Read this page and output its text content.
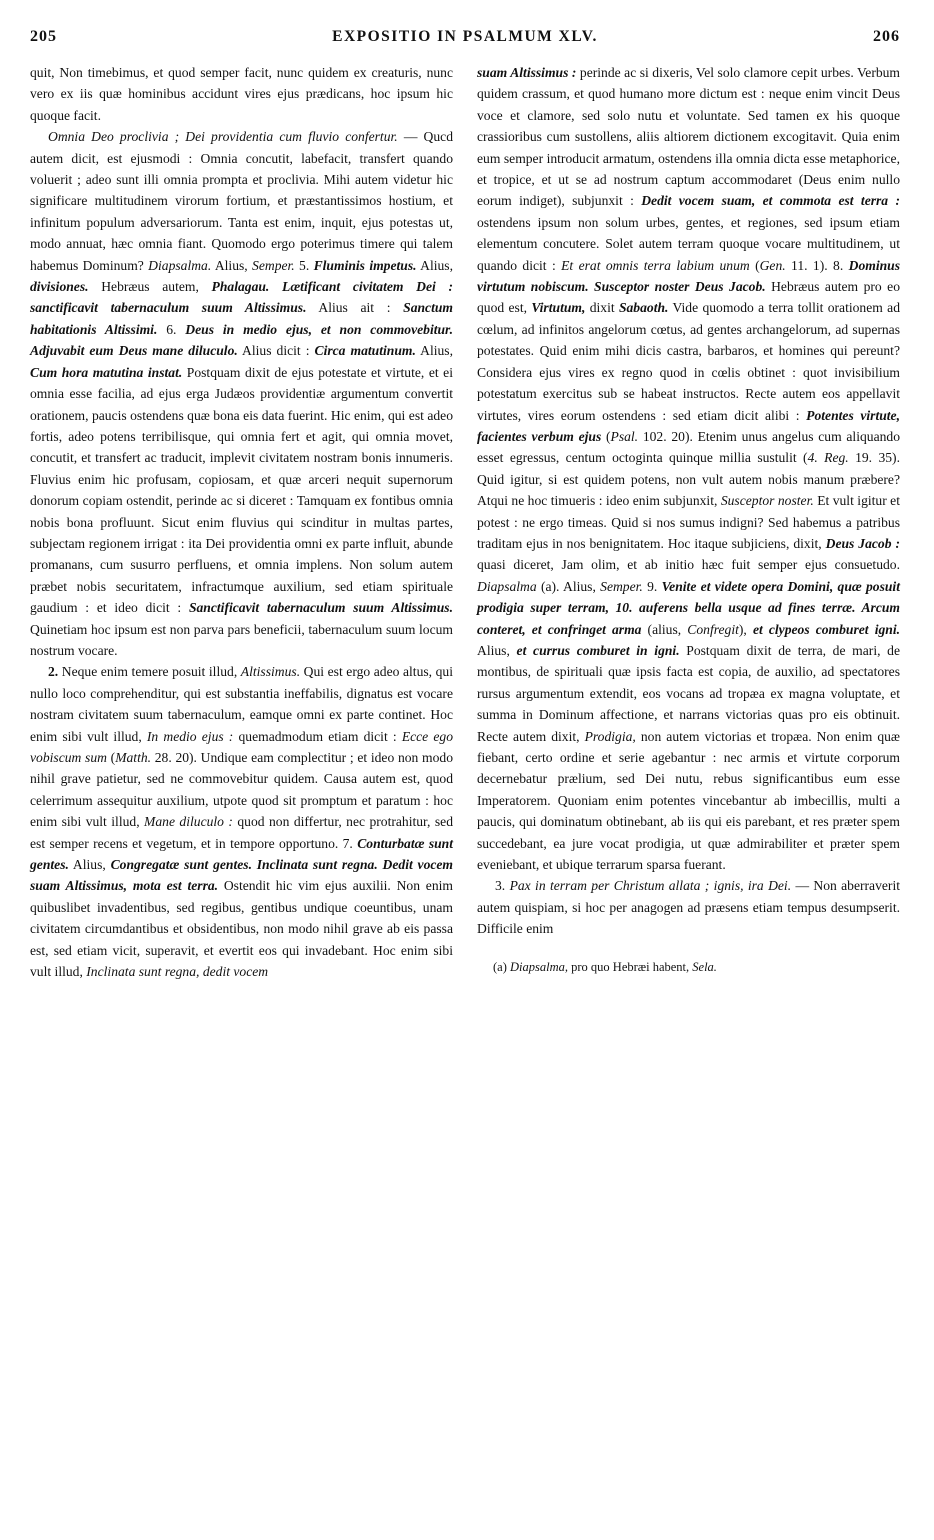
205	EXPOSITIO IN PSALMUM XLV.	206

quit, Non timebimus, et quod semper facit, nunc quidem ex creaturis, nunc vero ex iis quæ hominibus accidunt vires ejus prædicans, hoc ipsum hic quoque facit.

Omnia Deo proclivia ; Dei providentia cum fluvio confertur. — Qucd autem dicit, est ejusmodi : Omnia concutit, labefacit, transfert quando voluerit ; adeo sunt illi omnia prompta et proclivia. Mihi autem videtur hic significare multitudinem virorum fortium, et præstantissimos hostium, et infinitum populum adversariorum. Tanta est enim, inquit, ejus potestas ut, modo annuat, hæc omnia fiant. Quomodo ergo poterimus timere qui talem habemus Dominum? Diapsalma. Alius, Semper. 5. Fluminis impetus. Alius, divisiones. Hebræus autem, Phalagau. Lætificant civitatem Dei : sanctificavit tabernaculum suum Altissimus. Alius ait : Sanctum habitationis Altissimi. 6. Deus in medio ejus, et non commovebitur. Adjuvabit eum Deus mane diluculo. Alius dicit : Circa matutinum. Alius, Cum hora matutina instat. Postquam dixit de ejus potestate et virtute, et ei omnia esse facilia, ad ejus erga Judæos providentiæ argumentum convertit orationem, paucis ostendens quæ bona eis data fuerint. Hic enim, qui est adeo fortis, adeo potens terribilisque, qui omnia fert et agit, qui omnia movet, concutit, et transfert ac traducit, implevit civitatem nostram bonis innumeris. Fluvius enim hic profusam, copiosam, et quæ arceri nequit supernorum donorum copiam ostendit, perinde ac si diceret : Tamquam ex fontibus omnia nobis bona profluunt. Sicut enim fluvius qui scinditur in multas partes, subjectam regionem irrigat : ita Dei providentia omni ex parte influit, abunde promanans, cum susurro perfluens, et omnia implens. Non solum autem præbet nobis securitatem, infractumque auxilium, sed etiam spirituale gaudium : et ideo dicit : Sanctificavit tabernaculum suum Altissimus. Quinetiam hoc ipsum est non parva pars beneficii, tabernaculum suum locum nostrum vocare.

2. Neque enim temere posuit illud, Altissimus. Qui est ergo adeo altus, qui nullo loco comprehenditur, qui est substantia ineffabilis, dignatus est vocare nostram civitatem suum tabernaculum, eamque omni ex parte continet. Hoc enim sibi vult illud, In medio ejus : quemadmodum etiam dicit : Ecce ego vobiscum sum (Matth. 28. 20). Undique eam complectitur ; et ideo non modo nihil grave patietur, sed ne commovebitur quidem. Causa autem est, quod celerrimum assequitur auxilium, utpote quod sit promptum et paratum : hoc enim sibi vult illud, Mane diluculo : quod non differtur, nec protrahitur, sed est semper recens et vegetum, et in tempore opportuno. 7. Conturbatæ sunt gentes. Alius, Congregatæ sunt gentes. Inclinata sunt regna. Dedit vocem suam Altissimus, mota est terra. Ostendit hic vim ejus auxilii. Non enim quibuslibet invadentibus, sed regibus, gentibus undique coeuntibus, unam civitatem circumdantibus et obsidentibus, non modo nihil grave ab eis passa est, sed etiam vicit, superavit, et evertit eos qui invadebant. Hoc enim sibi vult illud, Inclinata sunt regna, dedit vocem

suam Altissimus : perinde ac si dixeris, Vel solo clamore cepit urbes. Verbum quidem crassum, et quod humano more dictum est : neque enim vincit Deus voce et clamore, sed solo nutu et voluntate. Sed tamen ex his quoque crassioribus cum sustollens, aliis altiorem dictionem excogitavit. Quia enim eum semper introducit armatum, ostendens illa omnia dicta esse metaphorice, et tropice, et ut se ad nostrum captum accommodaret (Deus enim nullo eorum indiget), subjunxit : Dedit vocem suam, et commota est terra : ostendens ipsum non solum urbes, gentes, et regiones, sed ipsum etiam elementum concutere. Solet autem terram quoque vocare multitudinem, ut quando dicit : Et erat omnis terra labium unum (Gen. 11. 1). 8. Dominus virtutum nobiscum. Susceptor noster Deus Jacob. Hebræus autem pro eo quod est, Virtutum, dixit Sabaoth. Vide quomodo a terra tollit orationem ad cœlum, ad infinitos angelorum cœtus, ad gentes archangelorum, ad supernas potestates. Quid enim mihi dicis castra, barbaros, et homines qui pereunt? Considera ejus vires ex regno quod in cœlis obtinet : quot invisibilium potestatum exercitus sub se habeat instructos. Recte autem eos appellavit virtutes, vires eorum ostendens : sed etiam dicit alibi : Potentes virtute, facientes verbum ejus (Psal. 102. 20). Etenim unus angelus cum aliquando esset egressus, centum octoginta quinque millia sustulit (4. Reg. 19. 35). Quid igitur, si est quidem potens, non vult autem nobis manum præbere? Atqui ne hoc timueris : ideo enim subjunxit, Susceptor noster. Et vult igitur et potest : ne ergo timeas. Quid si nos sumus indigni? Sed habemus a patribus traditam ejus in nos benignitatem. Hoc itaque subjiciens, dixit, Deus Jacob : quasi diceret, Jam olim, et ab initio hæc fuit semper ejus consuetudo. Diapsalma (a). Alius, Semper. 9. Venite et videte opera Domini, quæ posuit prodigia super terram, 10. auferens bella usque ad fines terræ. Arcum conteret, et confringet arma (alius, Confregit), et clypeos comburet igni. Alius, et currus comburet in igni. Postquam dixit de terra, de mari, de montibus, de spirituali quæ ipsis facta est copia, de auxilio, ad spectatores rursus argumentum extendit, eos vocans ad tropæa ex magna voluptate, et summa in Dominum affectione, et narrans victorias quas pro eis obtinuit. Recte autem dixit, Prodigia, non autem victorias et tropæa. Non enim quæ fiebant, certo ordine et serie agebantur : nec armis et virtute corporum decernebatur prælium, sed Dei nutu, rebus significantibus eum esse Imperatorem. Quoniam enim potentes vincebantur ab imbecillis, multi a paucis, qui dominatum obtinebant, ab iis qui eis parebant, et res præter spem succedebant, ea jure vocat prodigia, ut quæ admirabiliter et præter spem eveniebant, et ubique terrarum sparsa fuerant.

3. Pax in terram per Christum allata ; ignis, ira Dei. — Non aberraverit autem quispiam, si hoc per anagogen ad præsens etiam tempus desumpserit. Difficile enim

(a) Diapsalma, pro quo Hebræi habent, Sela.
